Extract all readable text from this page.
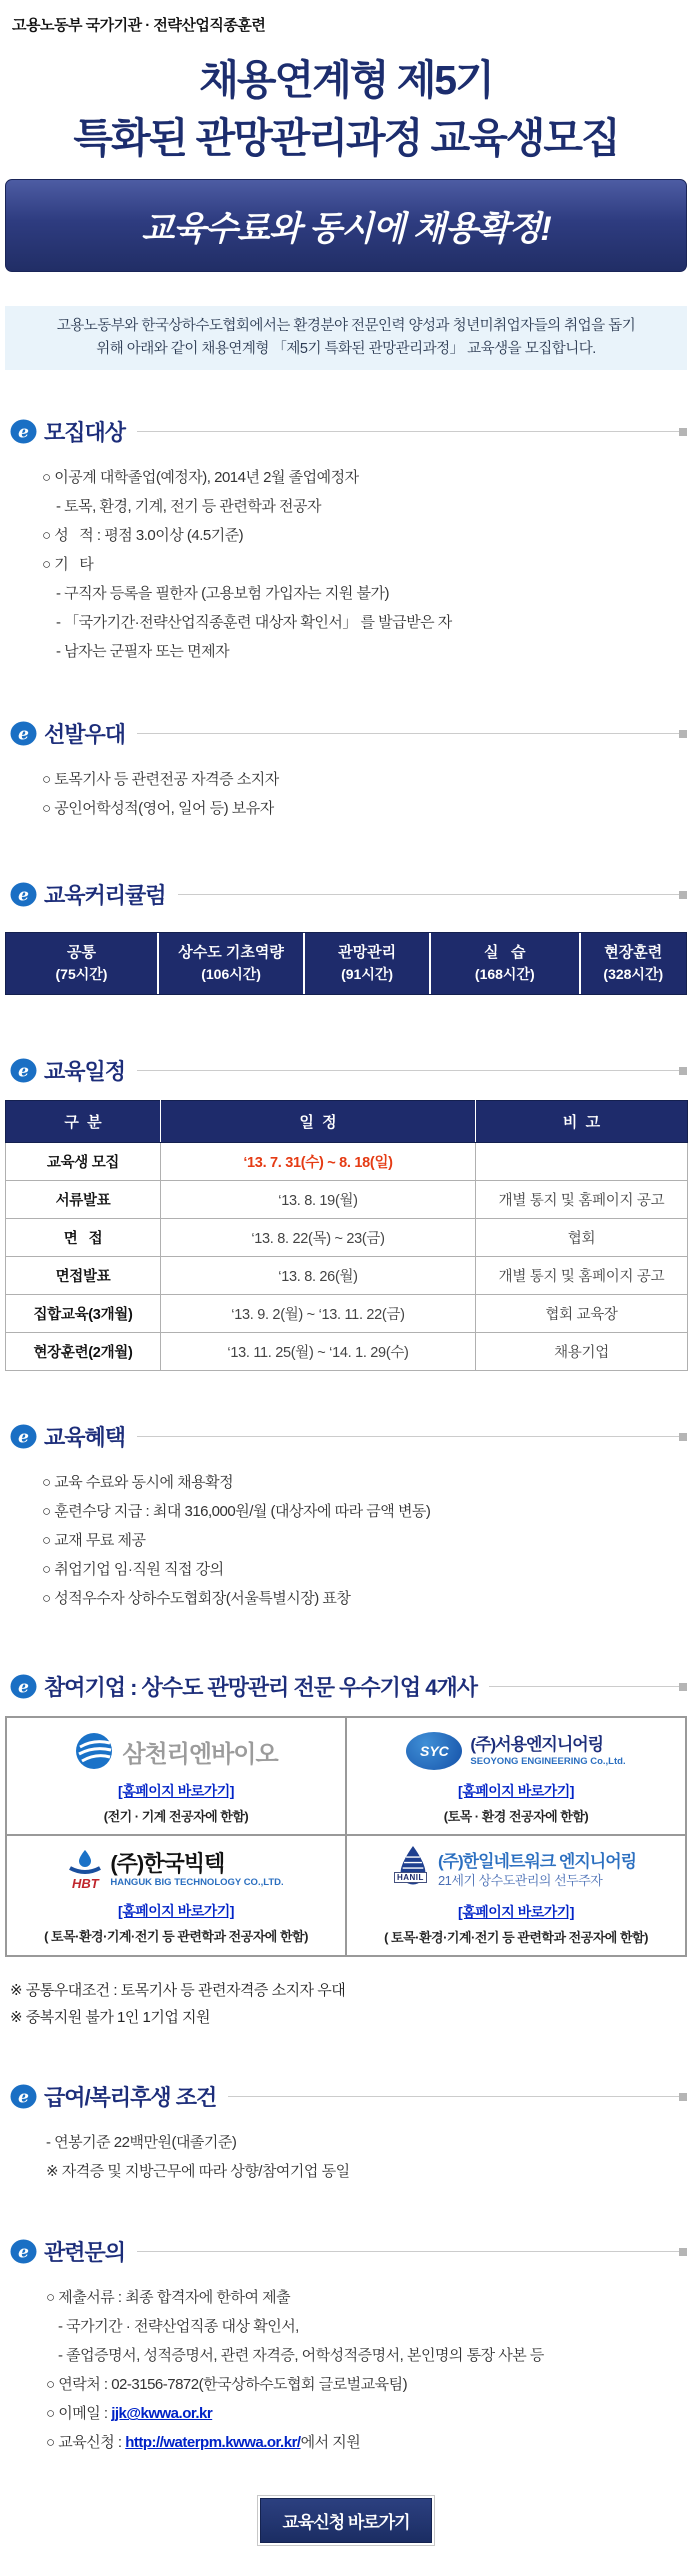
고용노동부 국가기관 · 전략산업직종훈련
채용연계형 제5기
특화된 관망관리과정 교육생모집
교육수료와 동시에 채용확정!
고용노동부와 한국상하수도협회에서는 환경분야 전문인력 양성과 청년미취업자들의 취업을 돕기
위해 아래와 같이 채용연계형 「제5기 특화된 관망관리과정」 교육생을 모집합니다.
e 모집대상
○ 이공계 대학졸업(예정자), 2014년 2월 졸업예정자
- 토목, 환경, 기계, 전기 등 관련학과 전공자
○ 성   적 : 평점 3.0이상 (4.5기준)
○ 기   타
- 구직자 등록을 필한자 (고용보험 가입자는 지원 불가)
- 「국가기간·전략산업직종훈련 대상자 확인서」 를 발급받은 자
- 남자는 군필자 또는 면제자
e 선발우대
○ 토목기사 등 관련전공 자격증 소지자
○ 공인어학성적(영어, 일어 등) 보유자
e 교육커리큘럼
공통
(75시간)
상수도 기초역량
(106시간)
관망관리
(91시간)
실   습
(168시간)
현장훈련
(328시간)
e 교육일정
구  분	일  정	비  고
교육생 모집	‘13. 7. 31(수) ~ 8. 18(일)	
서류발표	‘13. 8. 19(월)	개별 통지 및 홈페이지 공고
면   접	‘13. 8. 22(목) ~ 23(금)	협회
면접발표	‘13. 8. 26(월)	개별 통지 및 홈페이지 공고
집합교육(3개월)	‘13. 9. 2(월) ~ ‘13. 11. 22(금)	협회 교육장
현장훈련(2개월)	‘13. 11. 25(월) ~ ‘14. 1. 29(수)	채용기업
e 교육혜택
○ 교육 수료와 동시에 채용확정
○ 훈련수당 지급 : 최대 316,000원/월 (대상자에 따라 금액 변동)
○ 교재 무료 제공
○ 취업기업 임·직원 직접 강의
○ 성적우수자 상하수도협회장(서울특별시장) 표창
e 참여기업 : 상수도 관망관리 전문 우수기업 4개사
삼천리엔바이오
[홈페이지 바로가기]
(전기 · 기계 전공자에 한함)
SYC	(주)서용엔지니어링
SEOYONG ENGINEERING Co.,Ltd.
[홈페이지 바로가기]
(토목 · 환경 전공자에 한함)
HBT
(주)한국빅텍
HANGUK BIG TECHNOLOGY CO.,LTD.
[홈페이지 바로가기]
( 토목·환경·기계·전기 등 관련학과 전공자에 한함)
HANIL
(주)한일네트워크 엔지니어링
21세기 상수도관리의 선두주자
[홈페이지 바로가기]
( 토목·환경·기계·전기 등 관련학과 전공자에 한함)
※ 공통우대조건 : 토목기사 등 관련자격증 소지자 우대
※ 중복지원 불가 1인 1기업 지원
e 급여/복리후생 조건
- 연봉기준 22백만원(대졸기준)
※ 자격증 및 지방근무에 따라 상향/참여기업 동일
e 관련문의
○ 제출서류 : 최종 합격자에 한하여 제출
- 국가기간 · 전략산업직종 대상 확인서,
- 졸업증명서, 성적증명서, 관련 자격증, 어학성적증명서, 본인명의 통장 사본 등
○ 연락처 : 02-3156-7872(한국상하수도협회 글로벌교육팀)
○ 이메일 : jjk@kwwa.or.kr
○ 교육신청 : http://waterpm.kwwa.or.kr/에서 지원
교육신청 바로가기
